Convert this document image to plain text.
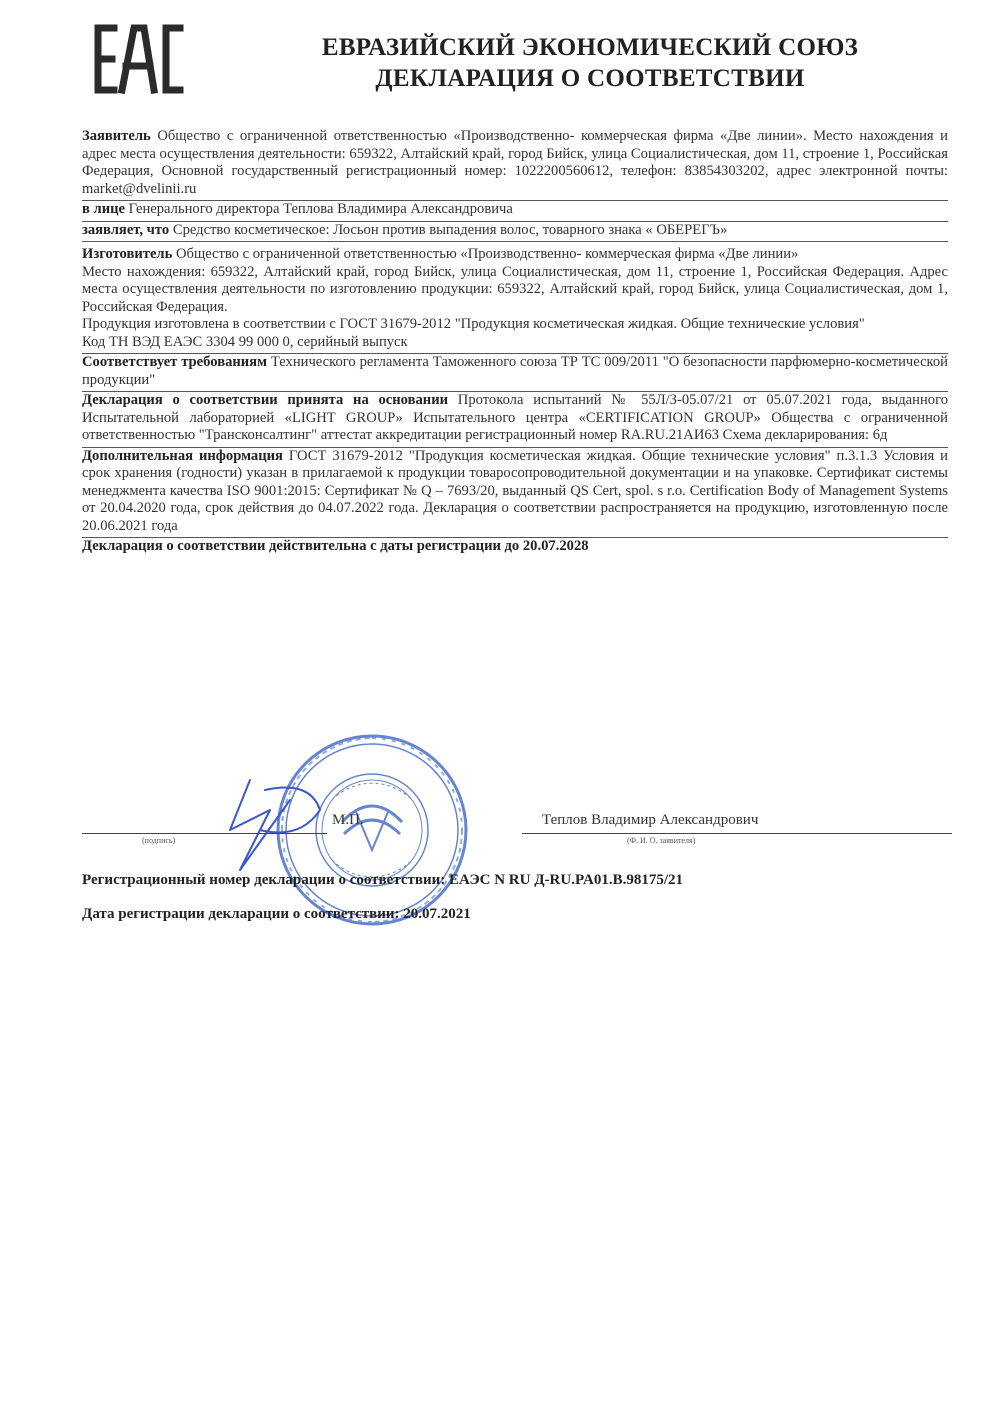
ЕВРАЗИЙСКИЙ ЭКОНОМИЧЕСКИЙ СОЮЗ
ДЕКЛАРАЦИЯ О СООТВЕТСТВИИ

Заявитель Общество с ограниченной ответственностью «Производственно- коммерческая фирма «Две линии». Место нахождения и адрес места осуществления деятельности: 659322, Алтайский край, город Бийск, улица Социалистическая, дом 11, строение 1, Российская Федерация, Основной государственный регистрационный номер: 1022200560612, телефон: 83854303202, адрес электронной почты: market@dvelinii.ru

в лице Генерального директора Теплова Владимира Александровича

заявляет, что Средство косметическое: Лосьон против выпадения волос, товарного знака « ОБЕРЕГЪ»

Изготовитель Общество с ограниченной ответственностью «Производственно- коммерческая фирма «Две линии»

Место нахождения: 659322, Алтайский край, город Бийск, улица Социалистическая, дом 11, строение 1, Российская Федерация. Адрес места осуществления деятельности по изготовлению продукции: 659322, Алтайский край, город Бийск, улица Социалистическая, дом 1, Российская Федерация.

Продукция изготовлена в соответствии с ГОСТ 31679-2012 "Продукция косметическая жидкая. Общие технические условия"

Код ТН ВЭД ЕАЭС 3304 99 000 0, серийный выпуск

Соответствует требованиям Технического регламента Таможенного союза ТР ТС 009/2011 "О безопасности парфюмерно-косметической продукции"

Декларация о соответствии принята на основании Протокола испытаний № 55Л/З-05.07/21 от 05.07.2021 года, выданного Испытательной лабораторией «LIGHT GROUP» Испытательного центра «CERTIFICATION GROUP» Общества с ограниченной ответственностью "Трансконсалтинг" аттестат аккредитации регистрационный номер RA.RU.21АИ63 Схема декларирования: 6д

Дополнительная информация ГОСТ 31679-2012 "Продукция косметическая жидкая. Общие технические условия" п.3.1.3 Условия и срок хранения (годности) указан в прилагаемой к продукции товаросопроводительной документации и на упаковке. Сертификат системы менеджмента качества ISO 9001:2015: Сертификат № Q – 7693/20, выданный QS Cert, spol. s r.o. Certification Body of Management Systems от 20.04.2020 года, срок действия до 04.07.2022 года. Декларация о соответствии распространяется на продукцию, изготовленную после 20.06.2021 года

Декларация о соответствии действительна с даты регистрации до 20.07.2028

(подпись)
М.П.	Теплов Владимир Александрович
(Ф. И. О. заявителя)
Регистрационный номер декларации о соответствии: ЕАЭС N RU Д-RU.PA01.B.98175/21
Дата регистрации декларации о соответствии: 20.07.2021
